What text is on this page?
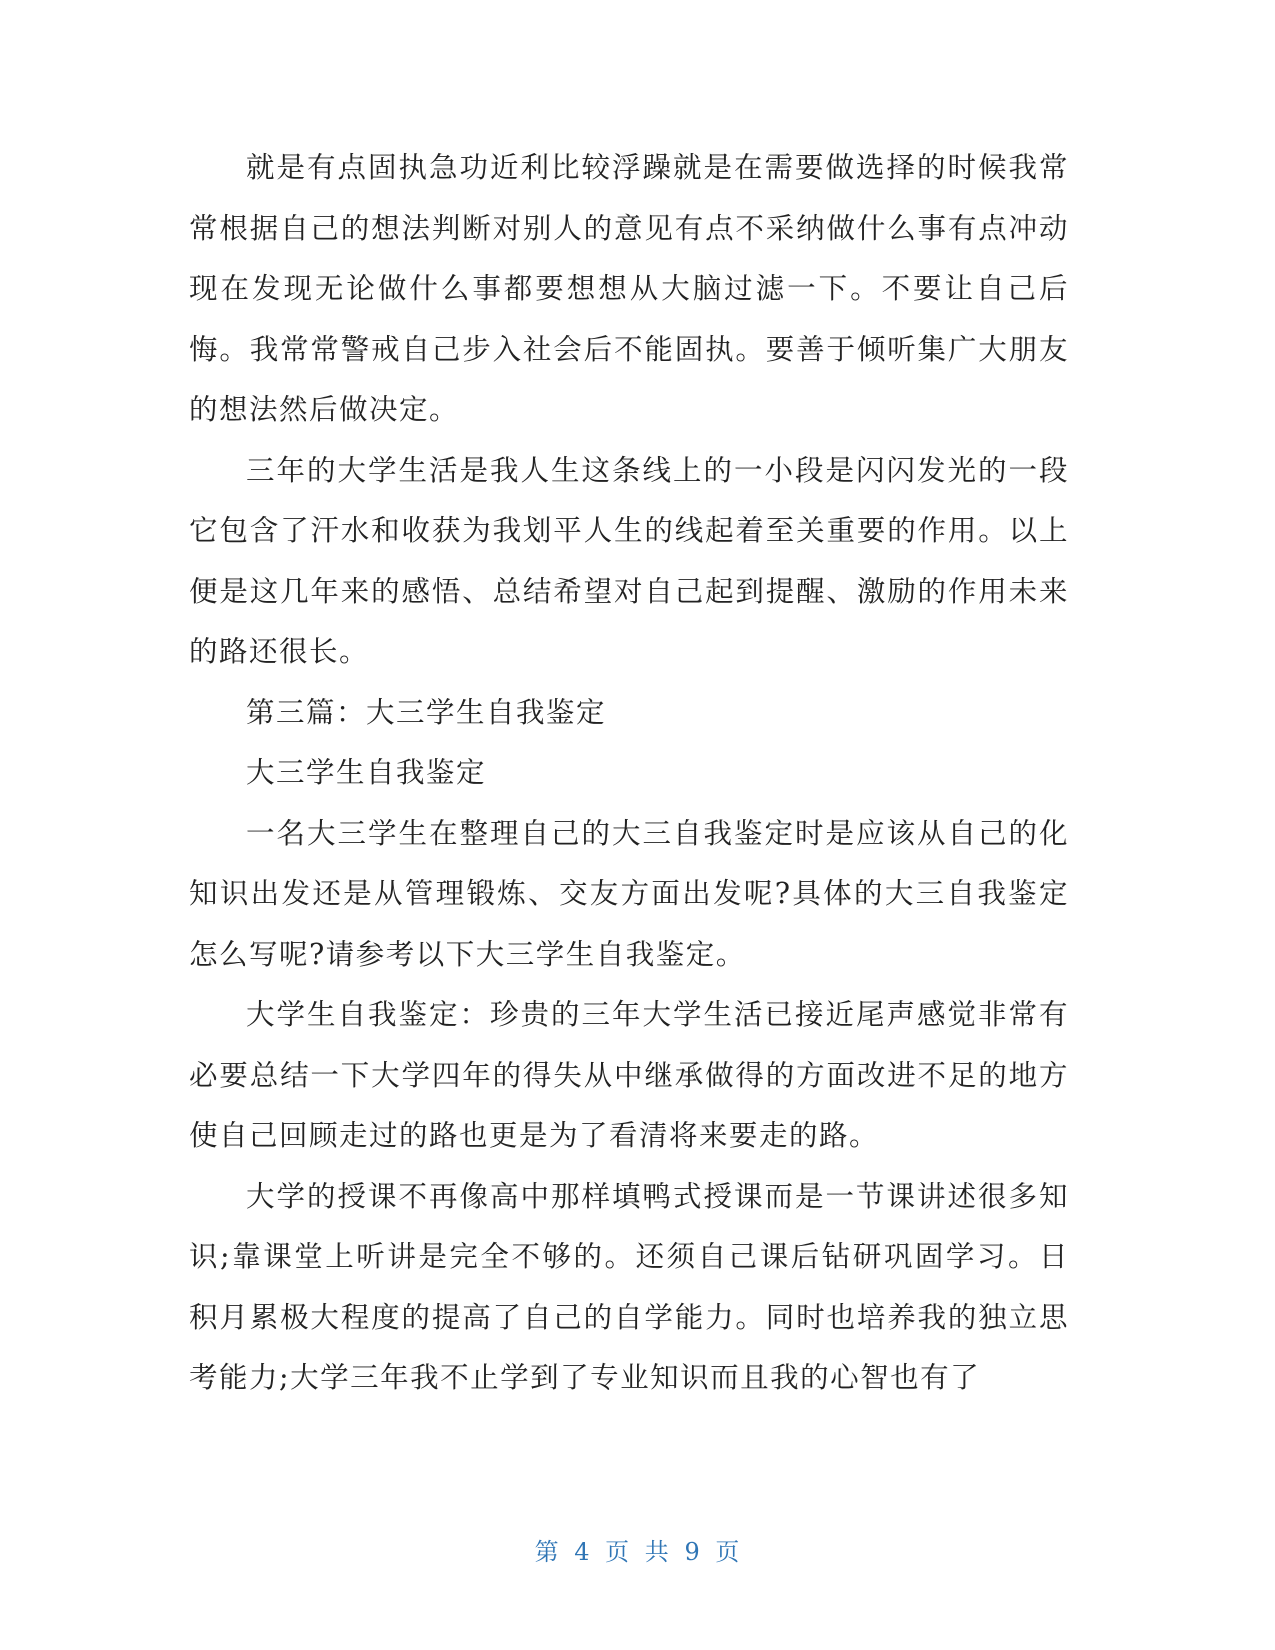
就是有点固执急功近利比较浮躁就是在需要做选择的时候我常常根据自己的想法判断对别人的意见有点不采纳做什么事有点冲动现在发现无论做什么事都要想想从大脑过滤一下。不要让自己后悔。我常常警戒自己步入社会后不能固执。要善于倾听集广大朋友的想法然后做决定。

三年的大学生活是我人生这条线上的一小段是闪闪发光的一段它包含了汗水和收获为我划平人生的线起着至关重要的作用。以上便是这几年来的感悟、总结希望对自己起到提醒、激励的作用未来的路还很长。

第三篇：大三学生自我鉴定

大三学生自我鉴定

一名大三学生在整理自己的大三自我鉴定时是应该从自己的化知识出发还是从管理锻炼、交友方面出发呢?具体的大三自我鉴定怎么写呢?请参考以下大三学生自我鉴定。

大学生自我鉴定：珍贵的三年大学生活已接近尾声感觉非常有必要总结一下大学四年的得失从中继承做得的方面改进不足的地方使自己回顾走过的路也更是为了看清将来要走的路。

大学的授课不再像高中那样填鸭式授课而是一节课讲述很多知识;靠课堂上听讲是完全不够的。还须自己课后钻研巩固学习。日积月累极大程度的提高了自己的自学能力。同时也培养我的独立思考能力;大学三年我不止学到了专业知识而且我的心智也有了

第 4 页 共 9 页
